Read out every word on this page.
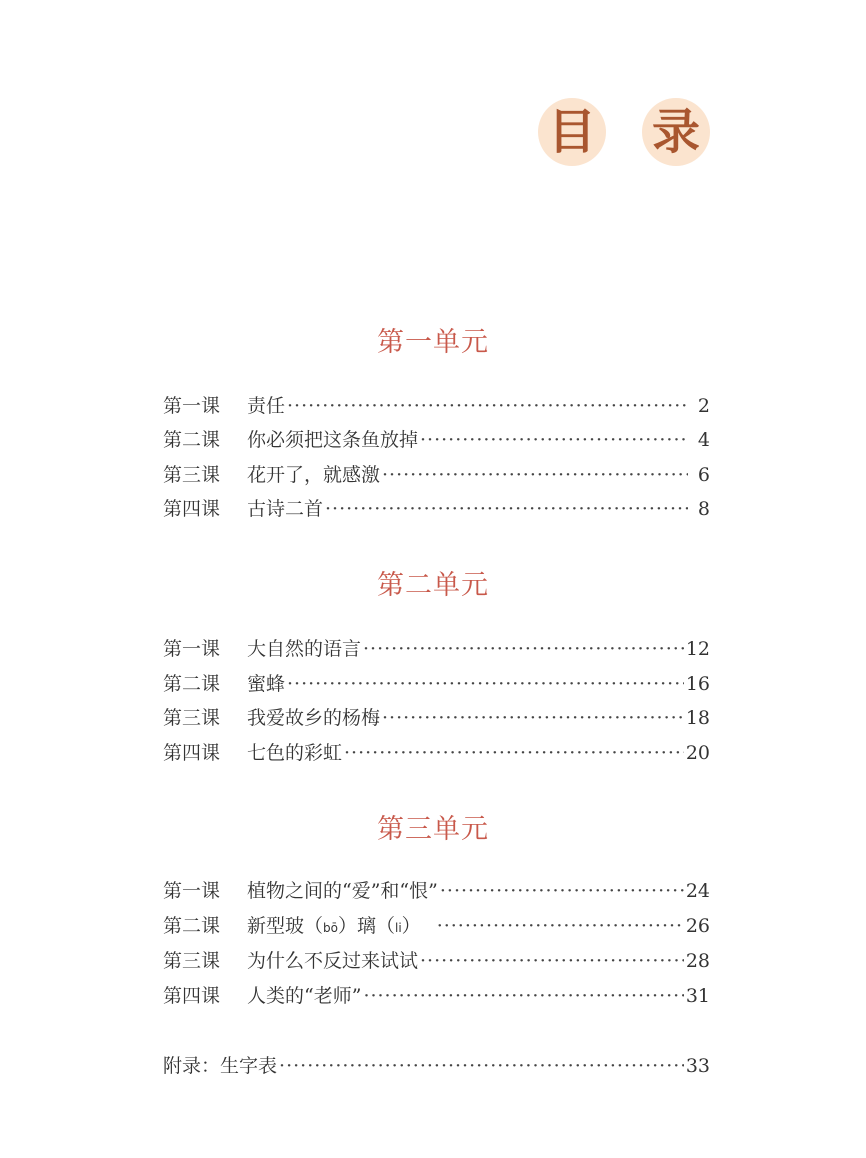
目 录
第一单元
第一课	责任 ·····	2
第二课	你必须把这条鱼放掉 ·····	4
第三课	花开了，就感激 ·····	6
第四课	古诗二首 ·····	8
第二单元
第一课	大自然的语言 ·····	12
第二课	蜜蜂 ·····	16
第三课	我爱故乡的杨梅 ·····	18
第四课	七色的彩虹 ·····	20
第三单元
第一课	植物之间的“爱”和“恨” ·····	24
第二课	新型玻（bō）璃（li） ·····	26
第三课	为什么不反过来试试 ·····	28
第四课	人类的“老师” ·····	31
附录： 生字表 ·····	33
